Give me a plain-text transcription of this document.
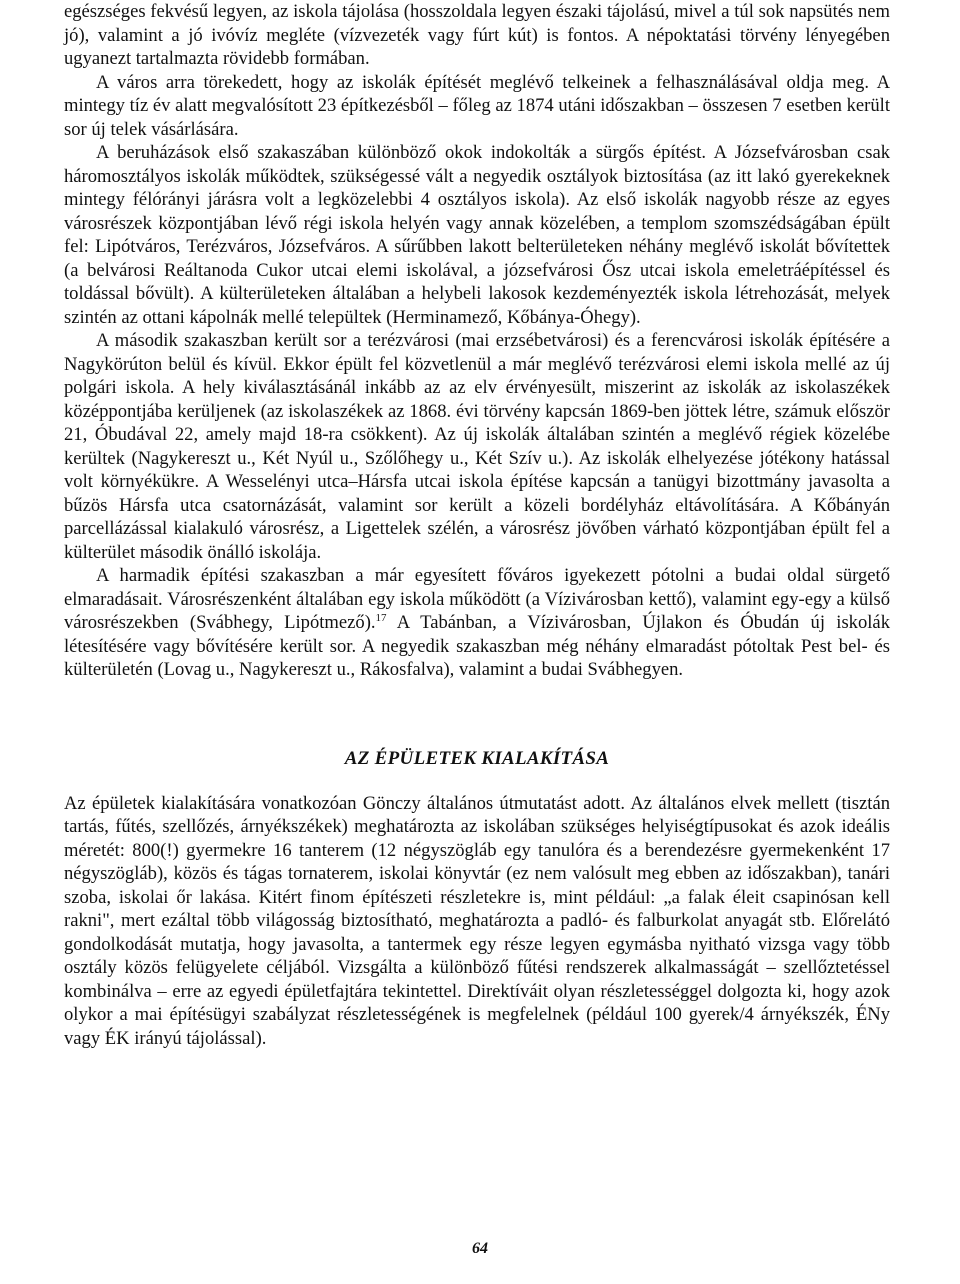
egészséges fekvésű legyen, az iskola tájolása (hosszoldala legyen északi tájolású, mivel a túl sok napsütés nem jó), valamint a jó ivóvíz megléte (vízvezeték vagy fúrt kút) is fontos. A népoktatási törvény lényegében ugyanezt tartalmazta rövidebb formában.

A város arra törekedett, hogy az iskolák építését meglévő telkeinek a felhasználásával oldja meg. A mintegy tíz év alatt megvalósított 23 építkezésből – főleg az 1874 utáni időszakban – összesen 7 esetben került sor új telek vásárlására.

A beruházások első szakaszában különböző okok indokolták a sürgős építést. A Józsefvárosban csak háromosztályos iskolák működtek, szükségessé vált a negyedik osztályok biztosítása (az itt lakó gyerekeknek mintegy félórányi járásra volt a legközelebbi 4 osztályos iskola). Az első iskolák nagyobb része az egyes városrészek központjában lévő régi iskola helyén vagy annak közelében, a templom szomszédságában épült fel: Lipótváros, Terézváros, Józsefváros. A sűrűbben lakott belterületeken néhány meglévő iskolát bővítettek (a belvárosi Reáltanoda Cukor utcai elemi iskolával, a józsefvárosi Ősz utcai iskola emeletráépítéssel és toldással bővült). A külterületeken általában a helybeli lakosok kezdeményezték iskola létrehozását, melyek szintén az ottani kápolnák mellé települtek (Herminamező, Kőbánya-Óhegy).

A második szakaszban került sor a terézvárosi (mai erzsébetvárosi) és a ferencvárosi iskolák építésére a Nagykörúton belül és kívül. Ekkor épült fel közvetlenül a már meglévő terézvárosi elemi iskola mellé az új polgári iskola. A hely kiválasztásánál inkább az az elv érvényesült, miszerint az iskolák az iskolaszékek középpontjába kerüljenek (az iskolaszékek az 1868. évi törvény kapcsán 1869-ben jöttek létre, számuk először 21, Óbudával 22, amely majd 18-ra csökkent). Az új iskolák általában szintén a meglévő régiek közelébe kerültek (Nagykereszt u., Két Nyúl u., Szőlőhegy u., Két Szív u.). Az iskolák elhelyezése jótékony hatással volt környékükre. A Wesselényi utca–Hársfa utcai iskola építése kapcsán a tanügyi bizottmány javasolta a bűzös Hársfa utca csatornázását, valamint sor került a közeli bordélyház eltávolítására. A Kőbányán parcellázással kialakuló városrész, a Ligettelek szélén, a városrész jövőben várható központjában épült fel a külterület második önálló iskolája.

A harmadik építési szakaszban a már egyesített főváros igyekezett pótolni a budai oldal sürgető elmaradásait. Városrészenként általában egy iskola működött (a Vízivárosban kettő), valamint egy-egy a külső városrészekben (Svábhegy, Lipótmező).$^{17}$ A Tabánban, a Vízivárosban, Újlakon és Óbudán új iskolák létesítésére vagy bővítésére került sor. A negyedik szakaszban még néhány elmaradást pótoltak Pest bel- és külterületén (Lovag u., Nagykereszt u., Rákosfalva), valamint a budai Svábhegyen.

AZ ÉPÜLETEK KIALAKÍTÁSA

Az épületek kialakítására vonatkozóan Gönczy általános útmutatást adott. Az általános elvek mellett (tisztán tartás, fűtés, szellőzés, árnyékszékek) meghatározta az iskolában szükséges helyiségtípusokat és azok ideális méretét: 800(!) gyermekre 16 tanterem (12 négyszögláb egy tanulóra és a berendezésre gyermekenként 17 négyszögláb), közös és tágas tornaterem, iskolai könyvtár (ez nem valósult meg ebben az időszakban), tanári szoba, iskolai őr lakása. Kitért finom építészeti részletekre is, mint például: „a falak éleit csapinósan kell rakni", mert ezáltal több világosság biztosítható, meghatározta a padló- és falburkolat anyagát stb. Előrelátó gondolkodását mutatja, hogy javasolta, a tantermek egy része legyen egymásba nyitható vizsga vagy több osztály közös felügyelete céljából. Vizsgálta a különböző fűtési rendszerek alkalmasságát – szellőztetéssel kombinálva – erre az egyedi épületfajtára tekintettel. Direktíváit olyan részletességgel dolgozta ki, hogy azok olykor a mai építésügyi szabályzat részletességének is megfelelnek (például 100 gyerek/4 árnyékszék, ÉNy vagy ÉK irányú tájolással).

64
